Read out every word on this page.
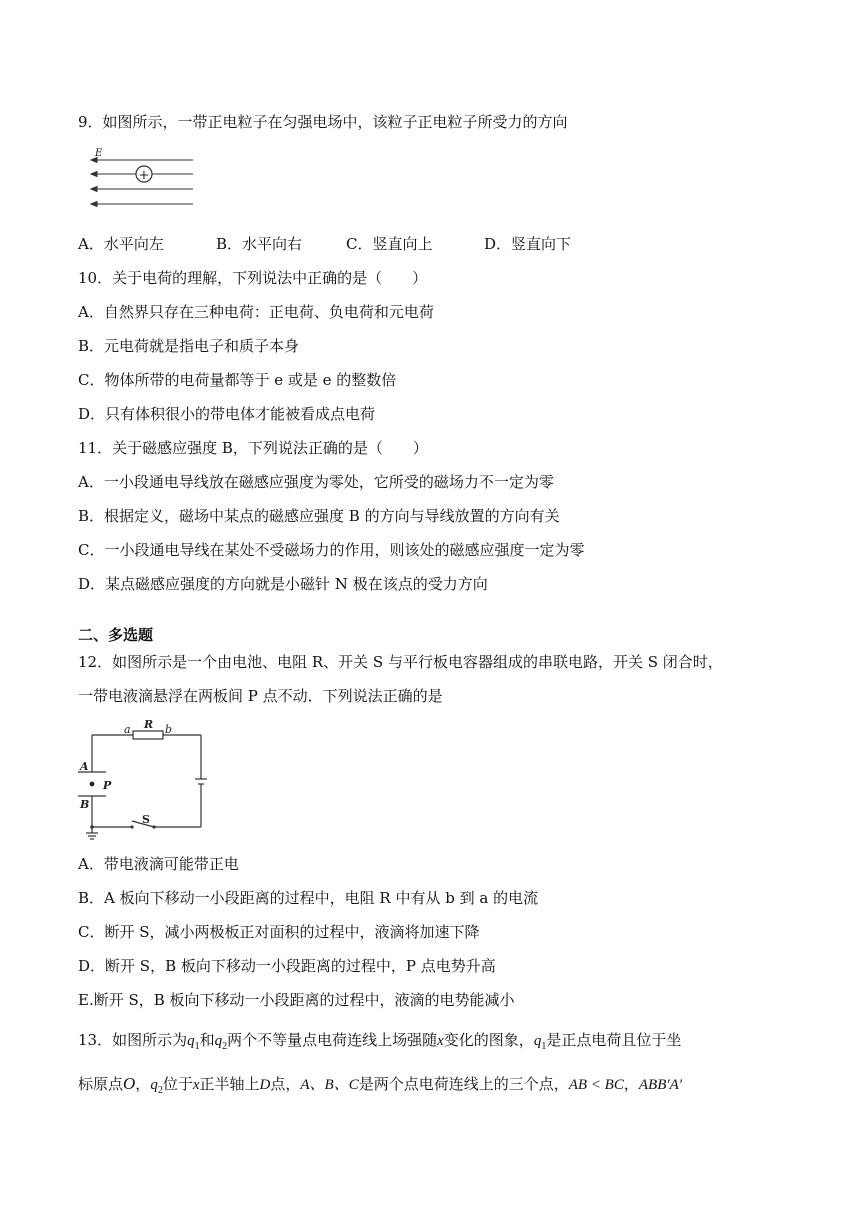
9．如图所示，一带正电粒子在匀强电场中，该粒子正电粒子所受力的方向
+
E
A．水平向左	B．水平向右	C．竖直向上	D．竖直向下
10．关于电荷的理解，下列说法中正确的是（　　）
A．自然界只存在三种电荷：正电荷、负电荷和元电荷
B．元电荷就是指电子和质子本身
C．物体所带的电荷量都等于 e 或是 e 的整数倍
D．只有体积很小的带电体才能被看成点电荷
11．关于磁感应强度 B，下列说法正确的是（　　）
A．一小段通电导线放在磁感应强度为零处，它所受的磁场力不一定为零
B．根据定义，磁场中某点的磁感应强度 B 的方向与导线放置的方向有关
C．一小段通电导线在某处不受磁场力的作用，则该处的磁感应强度一定为零
D．某点磁感应强度的方向就是小磁针 N 极在该点的受力方向
二、多选题
12．如图所示是一个由电池、电阻 R、开关 S 与平行板电容器组成的串联电路，开关 S 闭合时，
一带电液滴悬浮在两板间 P 点不动．下列说法正确的是
a R b
A
P
B
S
A．带电液滴可能带正电
B．A 板向下移动一小段距离的过程中，电阻 R 中有从 b 到 a 的电流
C．断开 S，减小两极板正对面积的过程中，液滴将加速下降
D．断开 S，B 板向下移动一小段距离的过程中，P 点电势升高
E.断开 S，B 板向下移动一小段距离的过程中，液滴的电势能减小
13．如图所示为$q_1$和$q_2$两个不等量点电荷连线上场强随x变化的图象，$q_1$是正点电荷且位于坐
标原点O，$q_2$位于x正半轴上D点，A、B、C是两个点电荷连线上的三个点，AB < BC，ABB′A′
